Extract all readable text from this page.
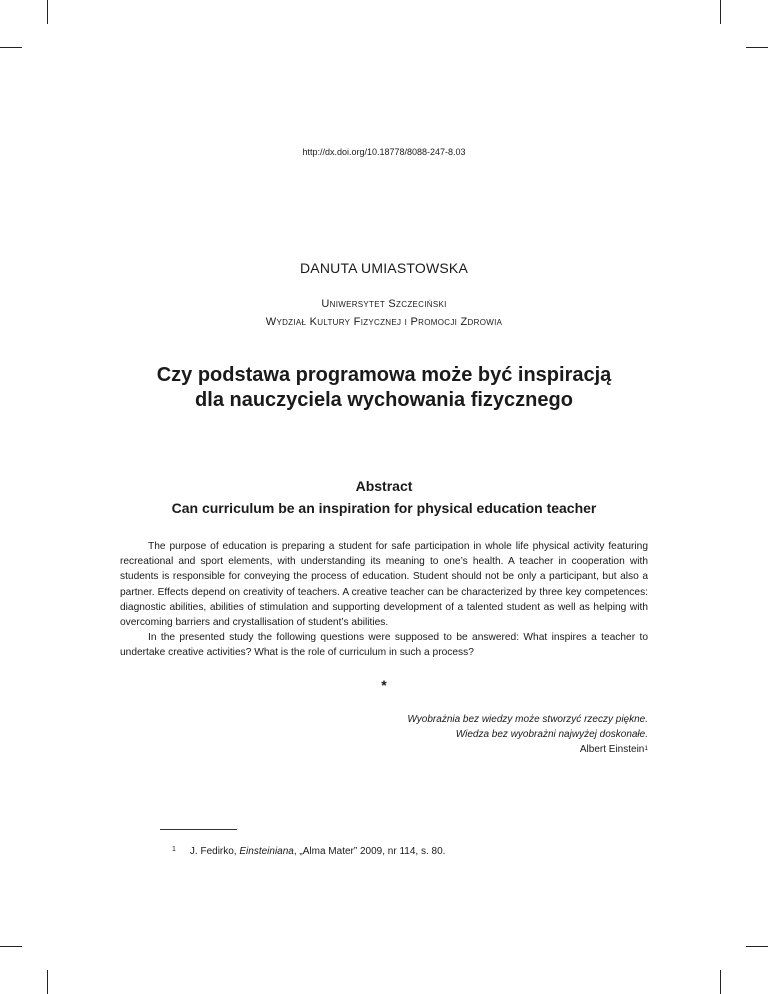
http://dx.doi.org/10.18778/8088-247-8.03
DANUTA UMIASTOWSKA
Uniwersytet Szczeciński
Wydział Kultury Fizycznej i Promocji Zdrowia
Czy podstawa programowa może być inspiracją
dla nauczyciela wychowania fizycznego
Abstract
Can curriculum be an inspiration for physical education teacher

The purpose of education is preparing a student for safe participation in whole life physical activity featuring recreational and sport elements, with understanding its meaning to one’s health. A teacher in cooperation with students is responsible for conveying the process of education. Student should not be only a participant, but also a partner. Effects depend on creativity of teachers. A creative teacher can be characterized by three key competences: diagnostic abilities, abilities of stimulation and supporting development of a talented student as well as helping with overcoming barriers and crystallisation of student’s abilities.

In the presented study the following questions were supposed to be answered: What inspires a teacher to undertake creative activities? What is the role of curriculum in such a process?

*
Wyobrażnia bez wiedzy może stworzyć rzeczy piękne.
Wiedza bez wyobrażni najwyżej doskonałe.
Albert Einstein$^1$
$^1$ J. Fedirko, Einsteiniana, „Alma Mater” 2009, nr 114, s. 80.
